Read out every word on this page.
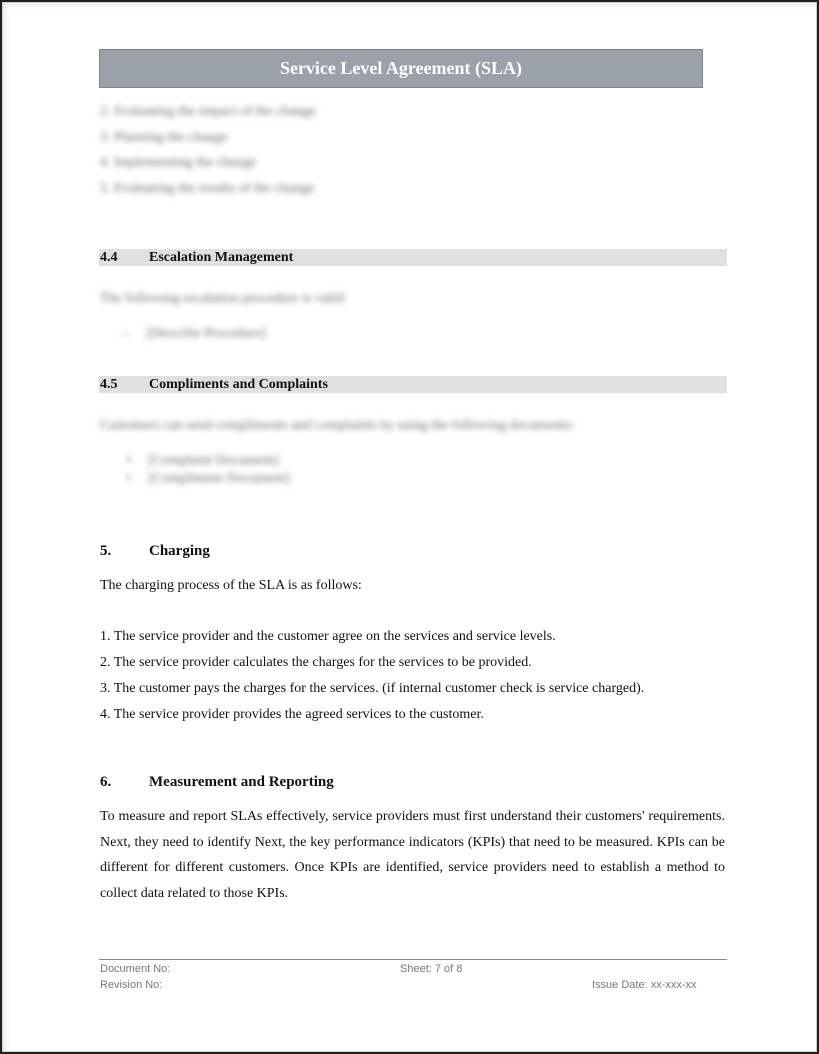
Service Level Agreement (SLA)
2. Evaluating the impact of the change
3. Planning the change
4. Implementing the change
5. Evaluating the results of the change
4.4	Escalation Management
The following escalation procedure is valid:
–     [Describe Procedure]
4.5	Compliments and Complaints
Customers can send compliments and complaints by using the following documents:
•     [Complaint Document]
•     [Compliment Document]
5.	Charging
The charging process of the SLA is as follows:
1. The service provider and the customer agree on the services and service levels.
2. The service provider calculates the charges for the services to be provided.
3. The customer pays the charges for the services. (if internal customer check is service charged).
4. The service provider provides the agreed services to the customer.
6.	Measurement and Reporting
To measure and report SLAs effectively, service providers must first understand their customers' requirements. Next, they need to identify Next, the key performance indicators (KPIs) that need to be measured. KPIs can be different for different customers. Once KPIs are identified, service providers need to establish a method to collect data related to those KPIs.
Document No:
Revision No:
Sheet: 7 of 8
Issue Date: xx-xxx-xx
